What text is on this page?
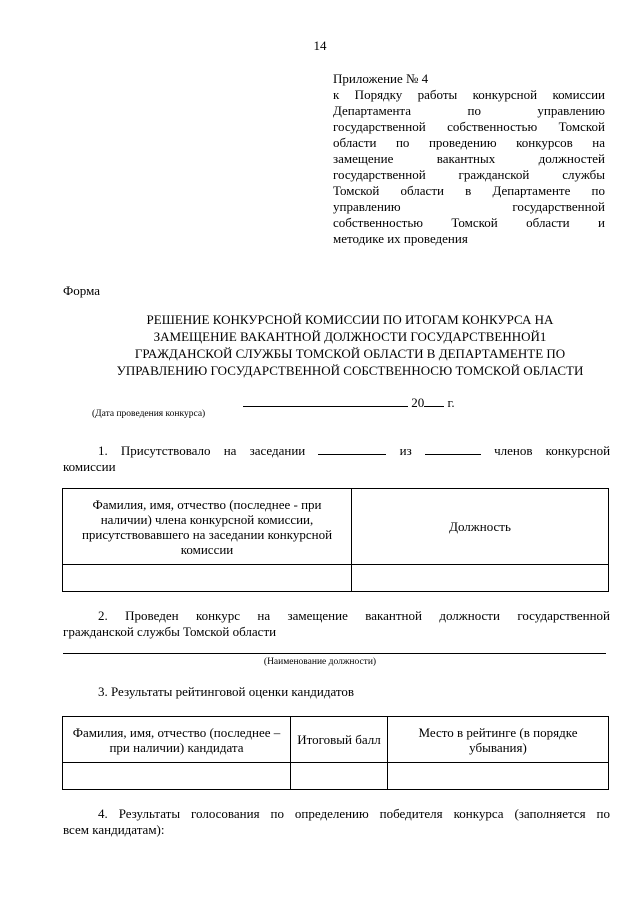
14
Приложение № 4
к Порядку работы конкурсной комиссии
Департамента по управлению
государственной собственностью Томской
области по проведению конкурсов на
замещение вакантных должностей
государственной гражданской службы
Томской области в Департаменте по
управлению государственной
собственностью Томской области и
методике их проведения
Форма
РЕШЕНИЕ КОНКУРСНОЙ КОМИССИИ ПО ИТОГАМ КОНКУРСА НА
ЗАМЕЩЕНИЕ ВАКАНТНОЙ ДОЛЖНОСТИ ГОСУДАРСТВЕННОЙ1
ГРАЖДАНСКОЙ СЛУЖБЫ ТОМСКОЙ ОБЛАСТИ В ДЕПАРТАМЕНТЕ ПО
УПРАВЛЕНИЮ ГОСУДАРСТВЕННОЙ СОБСТВЕННОСЮ ТОМСКОЙ ОБЛАСТИ
20 г.
(Дата проведения конкурса)
1. Присутствовало на заседании	из	членов конкурсной
комиссии
Фамилия, имя, отчество (последнее - при наличии) члена конкурсной комиссии, присутствовавшего на заседании конкурсной комиссии	Должность

2. Проведен конкурс на замещение вакантной должности государственной
гражданской службы Томской области
(Наименование должности)
3. Результаты рейтинговой оценки кандидатов
Фамилия, имя, отчество (последнее – при наличии) кандидата	Итоговый балл	Место в рейтинге (в порядке убывания)

4. Результаты голосования по определению победителя конкурса (заполняется по
всем кандидатам):
